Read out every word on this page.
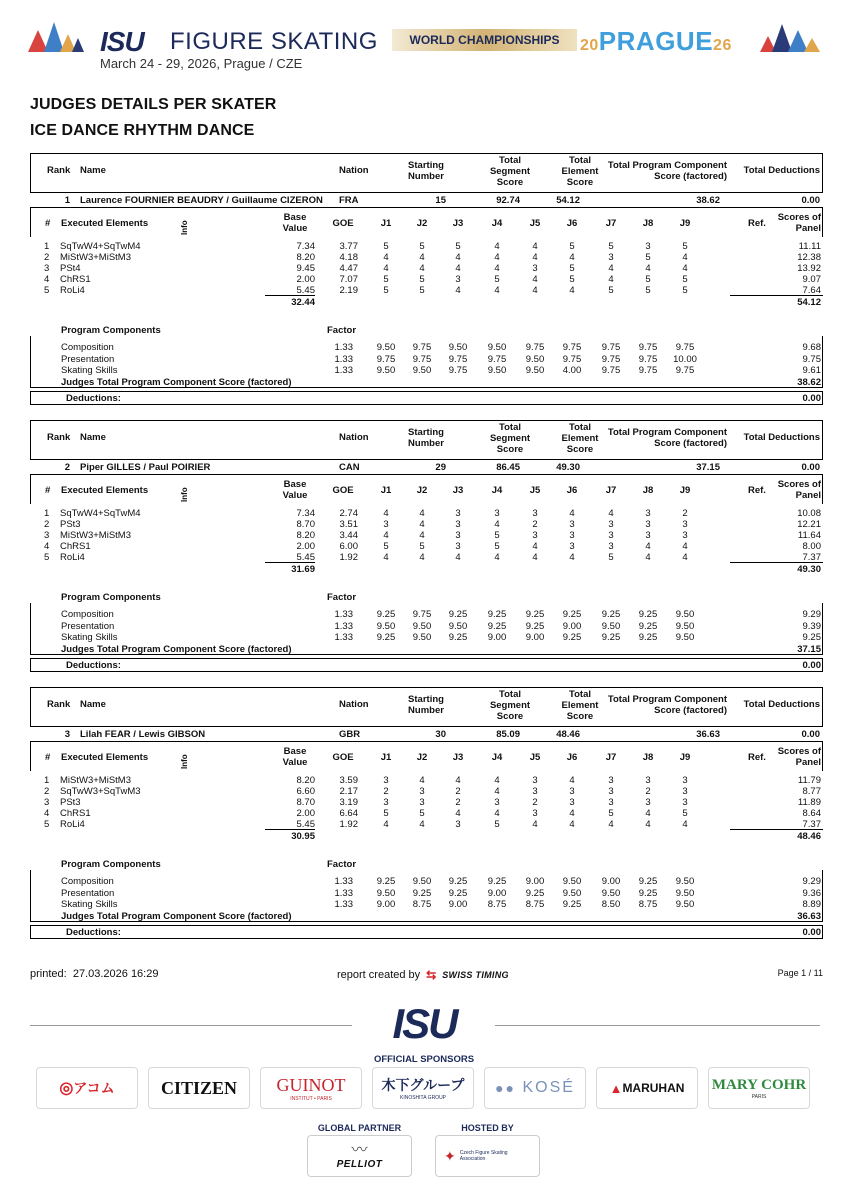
ISU FIGURE SKATING
March 24 - 29, 2026, Prague / CZE
WORLD CHAMPIONSHIPS	20PRAGUE26
JUDGES DETAILS PER SKATER
ICE DANCE RHYTHM DANCE
Rank Name	Nation	Starting
Number
Total
Segment
Score
Total
Element
Score
Total Program Component
Score (factored)
Total Deductions
1 Laurence FOURNIER BEAUDRY / Guillaume CIZERON FRA	15	92.74	54.12	38.62	0.00
# Executed Elements	Info
Base
Value	GOE	J1	J2	J3	J4	J5	J6	J7	J8	J9	Ref.
Scores of
Panel
1 SqTwW4+SqTwM4	7.34	3.77	5	5	5	4	4	5	5	3	5	11.11
2 MiStW3+MiStM3	8.20	4.18	4	4	4	4	4	4	3	5	4	12.38
3 PSt4	9.45	4.47	4	4	4	4	3	5	4	4	4	13.92
4 ChRS1	2.00	7.07	5	5	3	5	4	5	4	5	5	9.07
5 RoLi4	5.45	2.19	5	5	4	4	4	4	5	5	5	7.64
32.44	54.12
Program Components	Factor
Composition	1.33	9.50	9.75	9.50	9.50	9.75	9.75	9.75	9.75	9.75	9.68
Presentation	1.33	9.75	9.75	9.75	9.75	9.50	9.75	9.75	9.75	10.00	9.75
Skating Skills	1.33	9.50	9.50	9.75	9.50	9.50	4.00	9.75	9.75	9.75	9.61
Judges Total Program Component Score (factored)	38.62
Deductions:	0.00
Rank Name	Nation	Starting
Number
Total
Segment
Score
Total
Element
Score
Total Program Component
Score (factored)
Total Deductions
2 Piper GILLES / Paul POIRIER	CAN	29	86.45	49.30	37.15	0.00
# Executed Elements	Info
Base
Value	GOE	J1	J2	J3	J4	J5	J6	J7	J8	J9	Ref.
Scores of
Panel
1 SqTwW4+SqTwM4	7.34	2.74	4	4	3	3	3	4	4	3	2	10.08
2 PSt3	8.70	3.51	3	4	3	4	2	3	3	3	3	12.21
3 MiStW3+MiStM3	8.20	3.44	4	4	3	5	3	3	3	3	3	11.64
4 ChRS1	2.00	6.00	5	5	3	5	4	3	3	4	4	8.00
5 RoLi4	5.45	1.92	4	4	4	4	4	4	5	4	4	7.37
31.69	49.30
Program Components	Factor
Composition	1.33	9.25	9.75	9.25	9.25	9.25	9.25	9.25	9.25	9.50	9.29
Presentation	1.33	9.50	9.50	9.50	9.25	9.25	9.00	9.50	9.25	9.50	9.39
Skating Skills	1.33	9.25	9.50	9.25	9.00	9.00	9.25	9.25	9.25	9.50	9.25
Judges Total Program Component Score (factored)	37.15
Deductions:	0.00
Rank Name	Nation	Starting
Number
Total
Segment
Score
Total
Element
Score
Total Program Component
Score (factored)
Total Deductions
3 Lilah FEAR / Lewis GIBSON	GBR	30	85.09	48.46	36.63	0.00
# Executed Elements	Info
Base
Value	GOE	J1	J2	J3	J4	J5	J6	J7	J8	J9	Ref.
Scores of
Panel
1 MiStW3+MiStM3	8.20	3.59	3	4	4	4	3	4	3	3	3	11.79
2 SqTwW3+SqTwM3	6.60	2.17	2	3	2	4	3	3	3	2	3	8.77
3 PSt3	8.70	3.19	3	3	2	3	2	3	3	3	3	11.89
4 ChRS1	2.00	6.64	5	5	4	4	3	4	5	4	5	8.64
5 RoLi4	5.45	1.92	4	4	3	5	4	4	4	4	4	7.37
30.95	48.46
Program Components	Factor
Composition	1.33	9.25	9.50	9.25	9.25	9.00	9.50	9.00	9.25	9.50	9.29
Presentation	1.33	9.50	9.25	9.25	9.00	9.25	9.50	9.50	9.25	9.50	9.36
Skating Skills	1.33	9.00	8.75	9.00	8.75	8.75	9.25	8.50	8.75	9.50	8.89
Judges Total Program Component Score (factored)	36.63
Deductions:	0.00
printed: 27.03.2026 16:29	report created by ⇆ SWISS TIMING	Page 1 / 11
ISU
OFFICIAL SPONSORS
◎ アコム	CITIZEN	GUINOT
INSTITUT • PARIS
木下グループ
KINOSHITA GROUP
●●
KOSÉ	▲ MARUHAN MARY COHR
PARIS
GLOBAL PARTNER
〰
PELLIOT
HOSTED BY
✦ Czech Figure Skating Association
